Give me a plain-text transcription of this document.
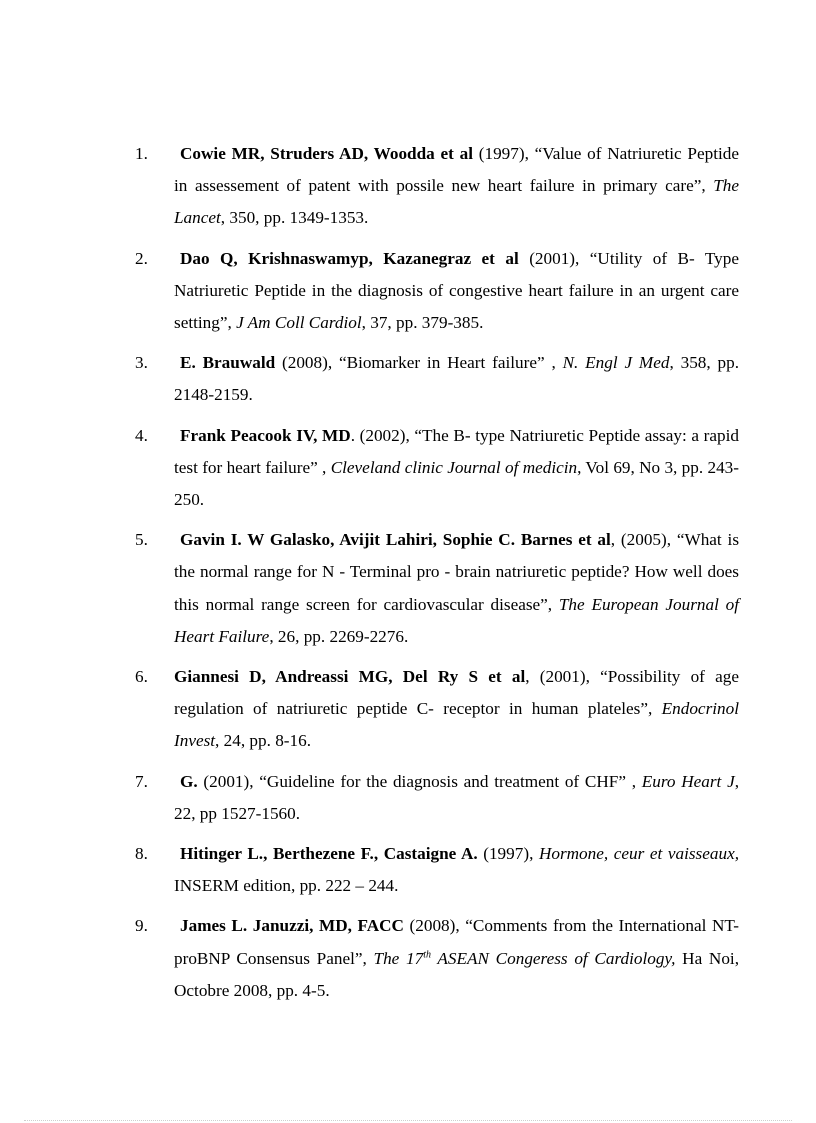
1. Cowie MR, Struders AD, Woodda et al (1997), “Value of Natriuretic Peptide in assessement of patent with possile new heart failure in primary care”, The Lancet, 350, pp. 1349-1353.
2. Dao Q, Krishnaswamyp, Kazanegraz et al (2001), “Utility of B- Type Natriuretic Peptide in the diagnosis of congestive heart failure in an urgent care setting”, J Am Coll Cardiol, 37, pp. 379-385.
3. E. Brauwald (2008), “Biomarker in Heart failure” , N. Engl J Med, 358, pp. 2148-2159.
4. Frank Peacook IV, MD. (2002), “The B- type Natriuretic Peptide assay: a rapid test for heart failure” , Cleveland clinic Journal of medicin, Vol 69, No 3, pp. 243- 250.
5. Gavin I. W Galasko, Avijit Lahiri, Sophie C. Barnes et al, (2005), “What is the normal range for N - Terminal pro - brain natriuretic peptide? How well does this normal range screen for cardiovascular disease”, The European Journal of Heart Failure, 26, pp. 2269-2276.
6. Giannesi D, Andreassi MG, Del Ry S et al, (2001), “Possibility of age regulation of natriuretic peptide C- receptor in human plateles”, Endocrinol Invest, 24, pp. 8-16.
7. G. (2001), “Guideline for the diagnosis and treatment of CHF” , Euro Heart J, 22, pp 1527-1560.
8. Hitinger L., Berthezene F., Castaigne A. (1997), Hormone, ceur et vaisseaux, INSERM edition, pp. 222 – 244.
9. James L. Januzzi, MD, FACC (2008), “Comments from the International NT- proBNP Consensus Panel”, The 17th ASEAN Congeress of Cardiology, Ha Noi, Octobre 2008, pp. 4-5.
